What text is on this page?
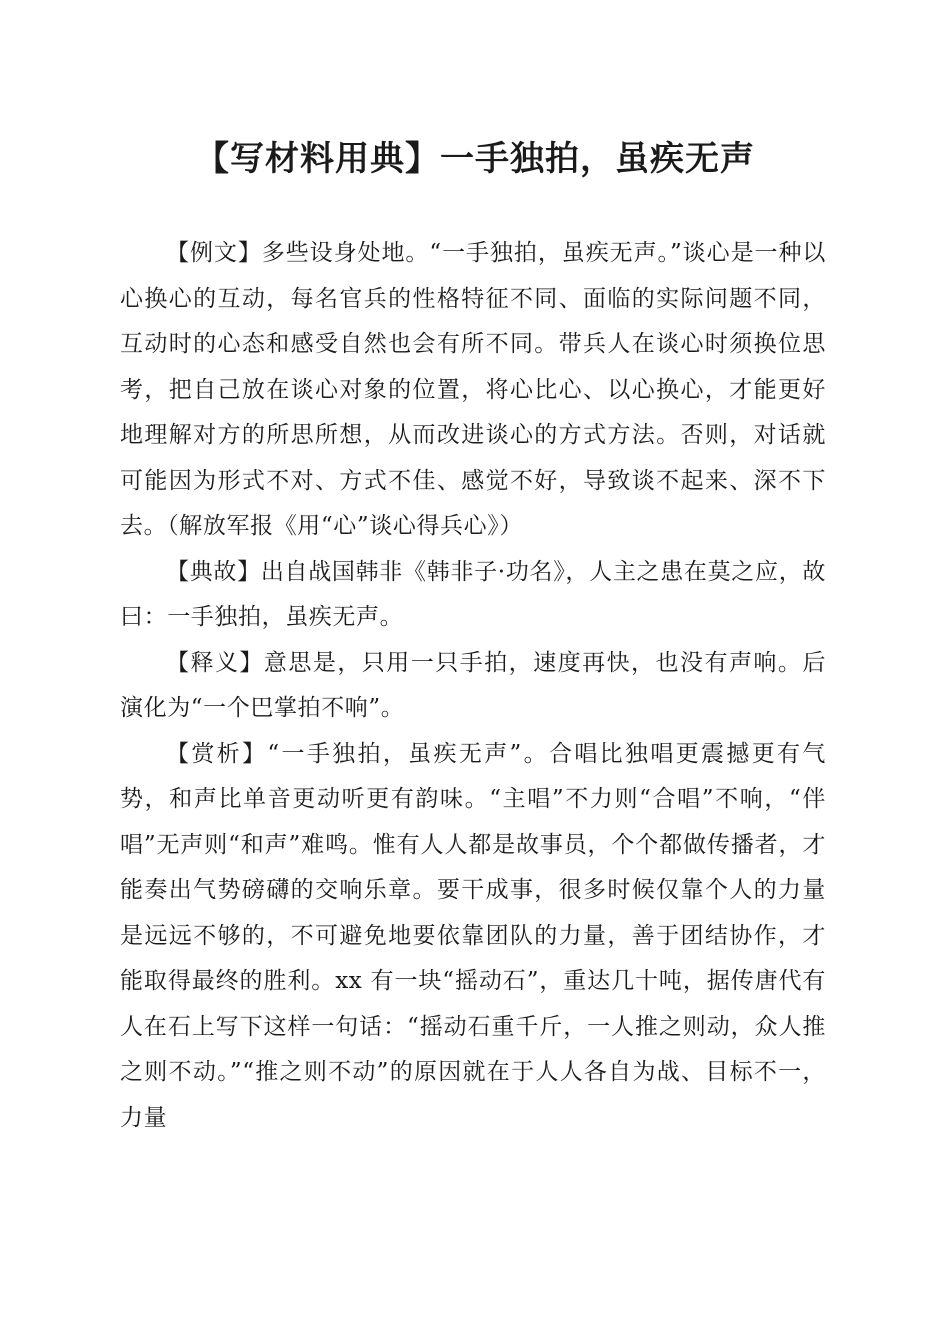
【写材料用典】一手独拍，虽疾无声

【例文】多些设身处地。“一手独拍，虽疾无声。”谈心是一种以心换心的互动，每名官兵的性格特征不同、面临的实际问题不同，互动时的心态和感受自然也会有所不同。带兵人在谈心时须换位思考，把自己放在谈心对象的位置，将心比心、以心换心，才能更好地理解对方的所思所想，从而改进谈心的方式方法。否则，对话就可能因为形式不对、方式不佳、感觉不好，导致谈不起来、深不下去。（解放军报《用“心”谈心得兵心》）

【典故】出自战国韩非《韩非子·功名》，人主之患在莫之应，故曰：一手独拍，虽疾无声。

【释义】意思是，只用一只手拍，速度再快，也没有声响。后演化为“一个巴掌拍不响”。

【赏析】“一手独拍，虽疾无声”。合唱比独唱更震撼更有气势，和声比单音更动听更有韵味。“主唱”不力则“合唱”不响，“伴唱”无声则“和声”难鸣。惟有人人都是故事员，个个都做传播者，才能奏出气势磅礴的交响乐章。要干成事，很多时候仅靠个人的力量是远远不够的，不可避免地要依靠团队的力量，善于团结协作，才能取得最终的胜利。xx 有一块“摇动石”，重达几十吨，据传唐代有人在石上写下这样一句话：“摇动石重千斤，一人推之则动，众人推之则不动。”“推之则不动”的原因就在于人人各自为战、目标不一，力量
